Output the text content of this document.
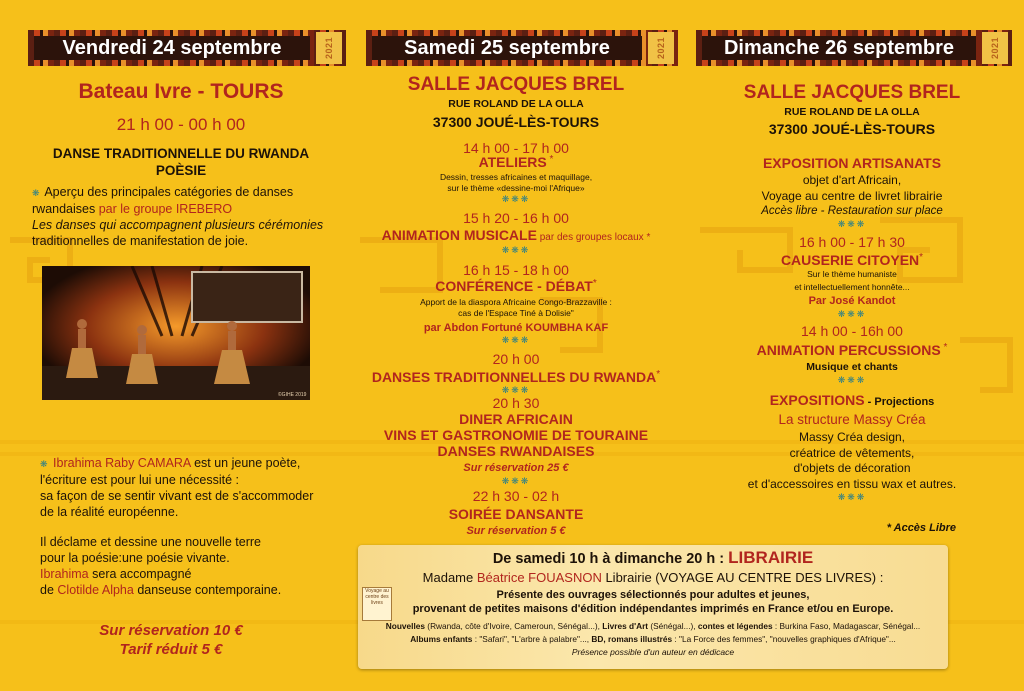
Vendredi 24 septembre	2021	Samedi 25 septembre	2021	Dimanche 26 septembre	2021
Bateau Ivre - TOURS
21 h 00 - 00 h 00
DANSE TRADITIONNELLE DU RWANDA
POÈSIE
❋ Aperçu des principales catégories de danses
rwandaises par le groupe IREBERO
Les danses qui accompagnent plusieurs cérémonies
traditionnelles de manifestation de joie.
©GIHE 2019
❋ Ibrahima Raby CAMARA est un jeune poète,
l'écriture est pour lui une nécessité :
sa façon de se sentir vivant est de s'accommoder
de la réalité européenne.
Il déclame et dessine une nouvelle terre
pour la poésie:une poésie vivante.
Ibrahima sera accompagné
de Clotilde Alpha danseuse contemporaine.
Sur réservation 10 €
Tarif réduit 5 €
SALLE JACQUES BREL
RUE ROLAND DE LA OLLA
37300 JOUÉ-LÈS-TOURS
14 h 00 - 17 h 00
ATELIERS *
Dessin, tresses africaines et maquillage,
sur le thème «dessine-moi l'Afrique»
❋❋❋
15 h 20 - 16 h 00
ANIMATION MUSICALE par des groupes locaux *
❋❋❋
16 h 15 - 18 h 00
CONFÉRENCE - DÉBAT*
Apport de la diaspora Africaine Congo-Brazzaville :
cas de l'Espace Tiné à Dolisie"
par Abdon Fortuné KOUMBHA KAF
❋❋❋
20 h 00
DANSES TRADITIONNELLES DU RWANDA*
❋❋❋
20 h 30
DINER AFRICAIN
VINS ET GASTRONOMIE DE TOURAINE
DANSES RWANDAISES
Sur réservation 25 €
❋❋❋
22 h 30 - 02 h
SOIRÉE DANSANTE
Sur réservation 5 €
SALLE JACQUES BREL
RUE ROLAND DE LA OLLA
37300 JOUÉ-LÈS-TOURS
EXPOSITION ARTISANATS
objet d'art Africain,
Voyage au centre de livret librairie
Accès libre - Restauration sur place
❋❋❋
16 h 00 - 17 h 30
CAUSERIE CITOYEN*
Sur le thème humaniste
et intellectuellement honnête...
Par José Kandot
❋❋❋
14 h 00 - 16h 00
ANIMATION PERCUSSIONS *
Musique et chants
❋❋❋
EXPOSITIONS - Projections
La structure Massy Créa
Massy Créa design,
créatrice de vêtements,
d'objets de décoration
et d'accessoires en tissu wax et autres.
❋❋❋
* Accès Libre
De samedi 10 h à dimanche 20 h : LIBRAIRIE
Madame Béatrice FOUASNON Librairie (VOYAGE AU CENTRE DES LIVRES) :
Voyage au centre des livres
Présente des ouvrages sélectionnés pour adultes et jeunes,
provenant de petites maisons d'édition indépendantes imprimés en France et/ou en Europe.
Nouvelles (Rwanda, côte d'Ivoire, Cameroun, Sénégal...), Livres d'Art (Sénégal...), contes et légendes : Burkina Faso, Madagascar, Sénégal...
Albums enfants : "Safari", "L'arbre à palabre"..., BD, romans illustrés : "La Force des femmes", "nouvelles graphiques d'Afrique"...
Présence possible d'un auteur en dédicace
